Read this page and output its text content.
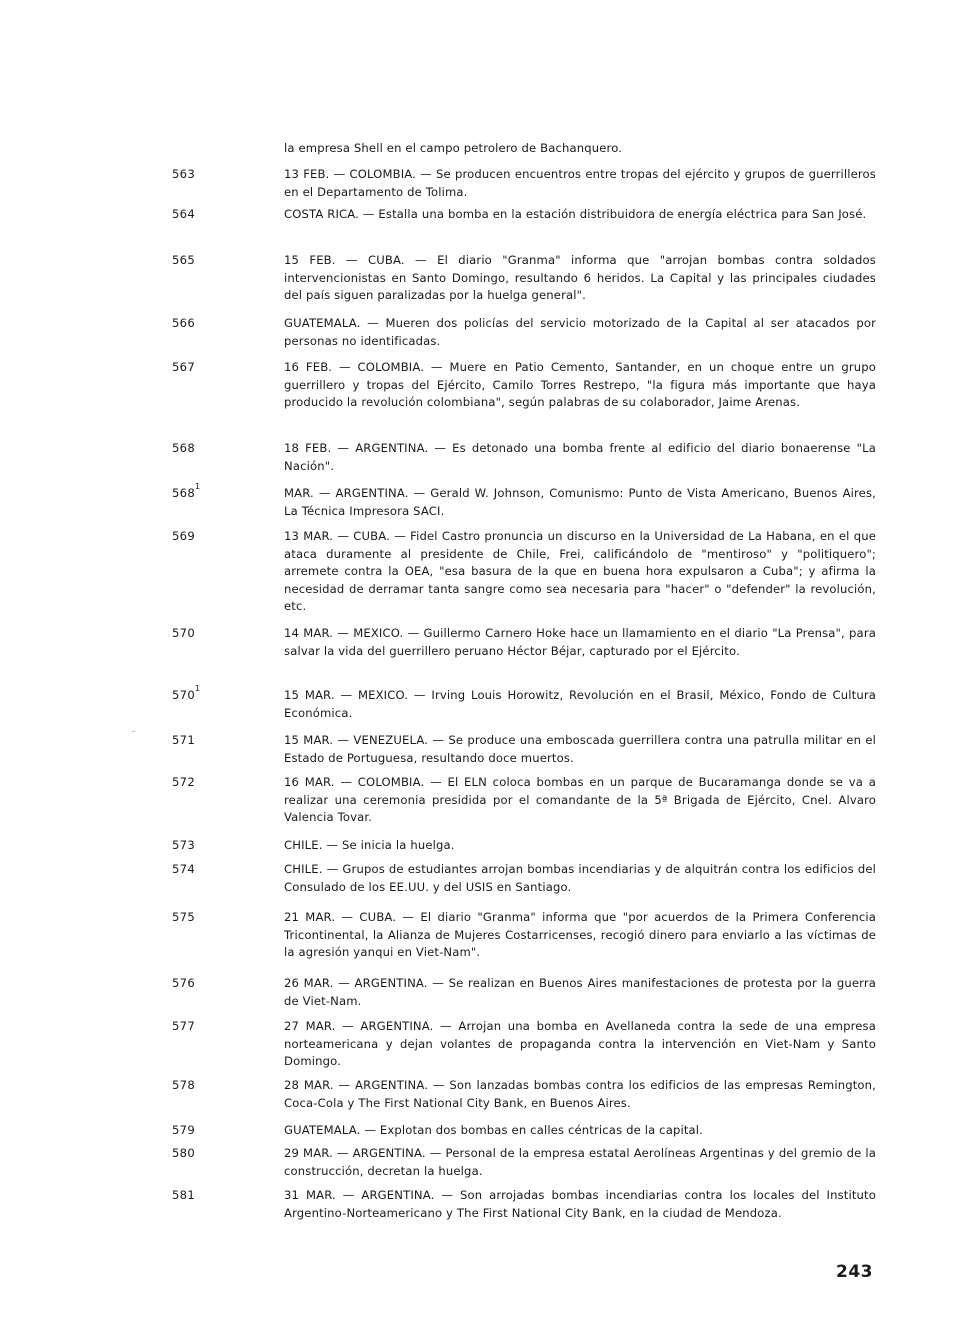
la empresa Shell en el campo petrolero de Bachanquero.
563	13 FEB. — COLOMBIA. — Se producen encuentros entre tropas del ejército y grupos de guerrilleros en el Departamento de Tolima.
564	COSTA RICA. — Estalla una bomba en la estación distribuidora de energía eléctrica para San José.
565	15 FEB. — CUBA. — El diario "Granma" informa que "arrojan bombas contra soldados intervencionistas en Santo Domingo, resultando 6 heridos. La Capital y las principales ciudades del país siguen paralizadas por la huelga general".
566	GUATEMALA. — Mueren dos policías del servicio motorizado de la Capital al ser atacados por personas no identificadas.
567	16 FEB. — COLOMBIA. — Muere en Patio Cemento, Santander, en un choque entre un grupo guerrillero y tropas del Ejército, Camilo Torres Restrepo, "la figura más importante que haya producido la revolución colombiana", según palabras de su colaborador, Jaime Arenas.
568	18 FEB. — ARGENTINA. — Es detonado una bomba frente al edificio del diario bonaerense "La Nación".
$568^1$	MAR. — ARGENTINA. — Gerald W. Johnson, Comunismo: Punto de Vista Americano, Buenos Aires, La Técnica Impresora SACI.
569	13 MAR. — CUBA. — Fidel Castro pronuncia un discurso en la Universidad de La Habana, en el que ataca duramente al presidente de Chile, Frei, calificándolo de "mentiroso" y "politiquero"; arremete contra la OEA, "esa basura de la que en buena hora expulsaron a Cuba"; y afirma la necesidad de derramar tanta sangre como sea necesaria para "hacer" o "defender" la revolución, etc.
570	14 MAR. — MEXICO. — Guillermo Carnero Hoke hace un llamamiento en el diario "La Prensa", para salvar la vida del guerrillero peruano Héctor Béjar, capturado por el Ejército.
$570^1$	15 MAR. — MEXICO. — Irving Louis Horowitz, Revolución en el Brasil, México, Fondo de Cultura Económica.
571	15 MAR. — VENEZUELA. — Se produce una emboscada guerrillera contra una patrulla militar en el Estado de Portuguesa, resultando doce muertos.
572	16 MAR. — COLOMBIA. — El ELN coloca bombas en un parque de Bucaramanga donde se va a realizar una ceremonia presidida por el comandante de la 5ª Brigada de Ejército, Cnel. Alvaro Valencia Tovar.
573	CHILE. — Se inicia la huelga.
574	CHILE. — Grupos de estudiantes arrojan bombas incendiarias y de alquitrán contra los edificios del Consulado de los EE.UU. y del USIS en Santiago.
575	21 MAR. — CUBA. — El diario "Granma" informa que "por acuerdos de la Primera Conferencia Tricontinental, la Alianza de Mujeres Costarricenses, recogió dinero para enviarlo a las víctimas de la agresión yanqui en Viet-Nam".
576	26 MAR. — ARGENTINA. — Se realizan en Buenos Aires manifestaciones de protesta por la guerra de Viet-Nam.
577	27 MAR. — ARGENTINA. — Arrojan una bomba en Avellaneda contra la sede de una empresa norteamericana y dejan volantes de propaganda contra la intervención en Viet-Nam y Santo Domingo.
578	28 MAR. — ARGENTINA. — Son lanzadas bombas contra los edificios de las empresas Remington, Coca-Cola y The First National City Bank, en Buenos Aires.
579	GUATEMALA. — Explotan dos bombas en calles céntricas de la capital.
580	29 MAR. — ARGENTINA. — Personal de la empresa estatal Aerolíneas Argentinas y del gremio de la construcción, decretan la huelga.
581	31 MAR. — ARGENTINA. — Son arrojadas bombas incendiarias contra los locales del Instituto Argentino-Norteamericano y The First National City Bank, en la ciudad de Mendoza.
243
